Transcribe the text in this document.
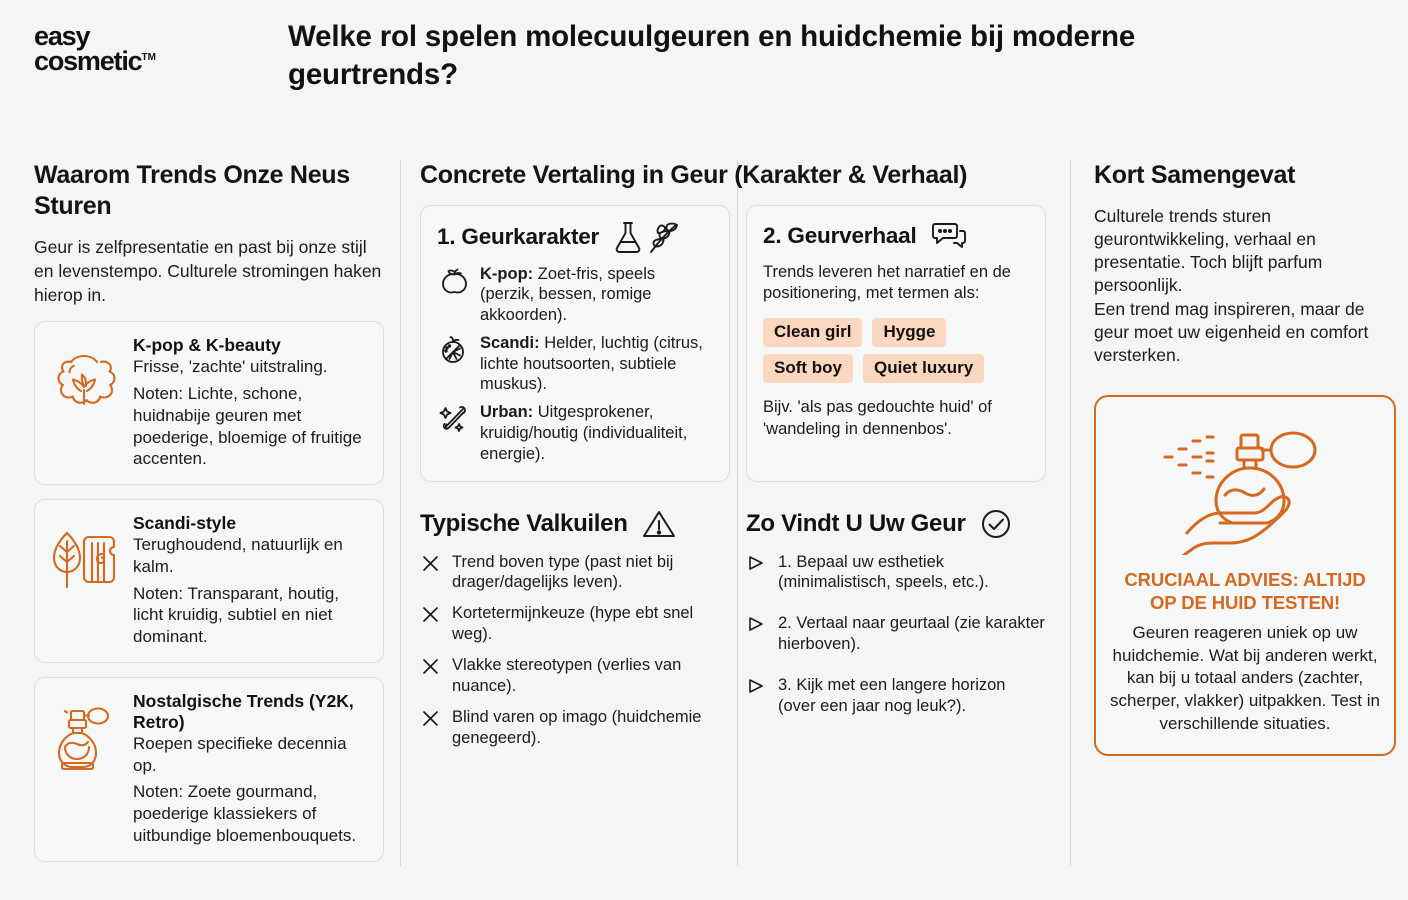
easy
cosmetic™
Welke rol spelen molecuulgeuren en huidchemie bij moderne geurtrends?
Waarom Trends Onze Neus Sturen
Geur is zelfpresentatie en past bij onze stijl en levenstempo. Culturele stromingen haken hierop in.
K-pop & K-beauty
Frisse, 'zachte' uitstraling.
Noten: Lichte, schone, huidnabije geuren met poederige, bloemige of fruitige accenten.
Scandi-style
Terughoudend, natuurlijk en kalm.
Noten: Transparant, houtig, licht kruidig, subtiel en niet dominant.
Nostalgische Trends (Y2K, Retro)
Roepen specifieke decennia op.
Noten: Zoete gourmand, poederige klassiekers of uitbundige bloemenbouquets.
Concrete Vertaling in Geur (Karakter & Verhaal)
1. Geurkarakter
K-pop: Zoet-fris, speels (perzik, bessen, romige akkoorden).
Scandi: Helder, luchtig (citrus, lichte houtsoorten, subtiele muskus).
Urban: Uitgesprokener, kruidig/houtig (individualiteit, energie).
2. Geurverhaal
Trends leveren het narratief en de positionering, met termen als:
Clean girl	Hygge
Soft boy	Quiet luxury
Bijv. 'als pas gedouchte huid' of 'wandeling in dennenbos'.
Typische Valkuilen
Trend boven type (past niet bij drager/dagelijks leven).
Kortetermijnkeuze (hype ebt snel weg).
Vlakke stereotypen (verlies van nuance).
Blind varen op imago (huidchemie genegeerd).
Zo Vindt U Uw Geur
1. Bepaal uw esthetiek (minimalistisch, speels, etc.).
2. Vertaal naar geurtaal (zie karakter hierboven).
3. Kijk met een langere horizon (over een jaar nog leuk?).
Kort Samengevat
Culturele trends sturen geurontwikkeling, verhaal en presentatie. Toch blijft parfum persoonlijk.
Een trend mag inspireren, maar de geur moet uw eigenheid en comfort versterken.
CRUCIAAL ADVIES: ALTIJD OP DE HUID TESTEN!
Geuren reageren uniek op uw huidchemie. Wat bij anderen werkt, kan bij u totaal anders (zachter, scherper, vlakker) uitpakken. Test in verschillende situaties.
